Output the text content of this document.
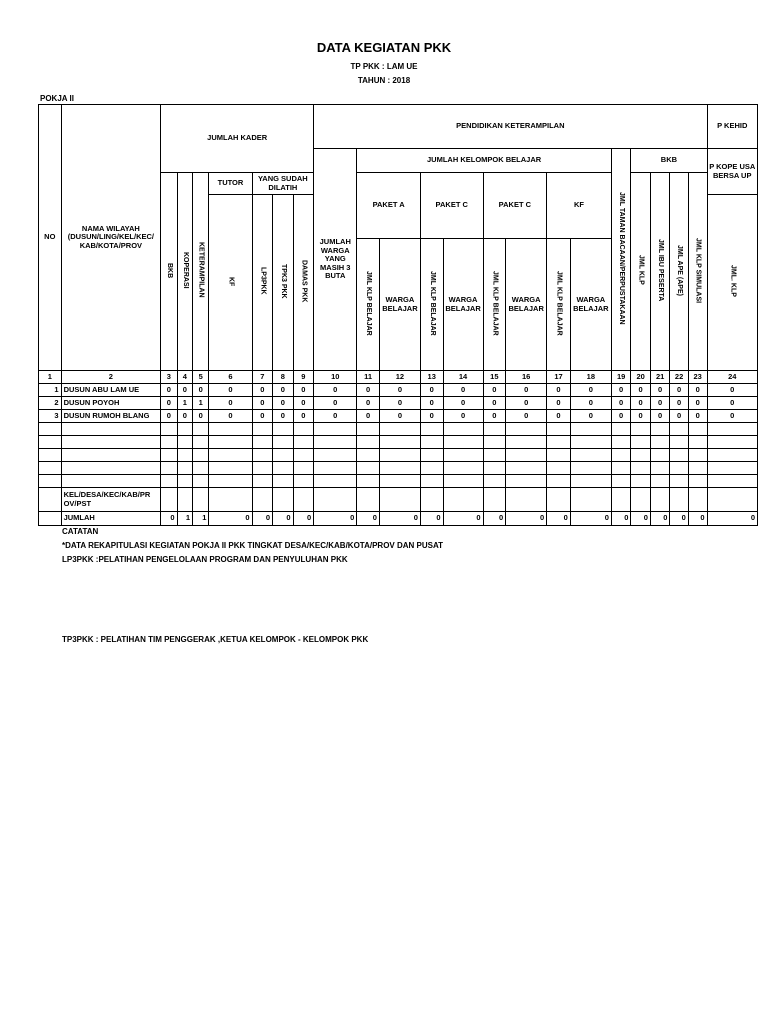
DATA KEGIATAN PKK
TP PKK : LAM UE
TAHUN : 2018
POKJA II
NO	NAMA WILAYAH (DUSUN/LING/KEL/KEC/ KAB/KOTA/PROV	JUMLAH KADER							PENDIDIKAN KETERAMPILAN														P KEHID
									JUMLAH WARGA YANG MASIH 3 BUTA	JUMLAH KELOMPOK BELAJAR								JML TAMAN BACAAN/PERPUSTAKAAN	BKB				P KOPE USA BERSA UP
		BKB	KOPERASI	KETERAMPILAN	TUTOR	YANG SUDAH DILATIH				PAKET A		PAKET C		PAKET C		KF			JML KLP	JML IBU PESERTA	JML APE (APE)	JML KLP SIMULASI	
					KF	LP3PKK	TPK3 PKK	DAMAS PKK															JML. KLP
										JML KLP BELAJAR	WARGA BELAJAR	JML KLP BELAJAR	WARGA BELAJAR	JML KLP BELAJAR	WARGA BELAJAR	JML KLP BELAJAR	WARGA BELAJAR						
1	2	3	4	5	6	7	8	9	10	11	12	13	14	15	16	17	18	19	20	21	22	23	24
1	DUSUN ABU LAM UE	0	0	0	0	0	0	0	0	0	0	0	0	0	0	0	0	0	0	0	0	0	0
2	DUSUN POYOH	0	1	1	0	0	0	0	0	0	0	0	0	0	0	0	0	0	0	0	0	0	0
3	DUSUN RUMOH BLANG	0	0	0	0	0	0	0	0	0	0	0	0	0	0	0	0	0	0	0	0	0	0

	KEL/DESA/KEC/KAB/PR OV/PST																						
	JUMLAH	0	1	1	0	0	0	0	0	0	0	0	0	0	0	0	0	0	0	0	0	0	0
CATATAN
*DATA REKAPITULASI KEGIATAN POKJA II PKK TINGKAT DESA/KEC/KAB/KOTA/PROV DAN PUSAT
LP3PKK :PELATIHAN PENGELOLAAN PROGRAM DAN PENYULUHAN PKK
TP3PKK : PELATIHAN TIM PENGGERAK ,KETUA KELOMPOK - KELOMPOK PKK
